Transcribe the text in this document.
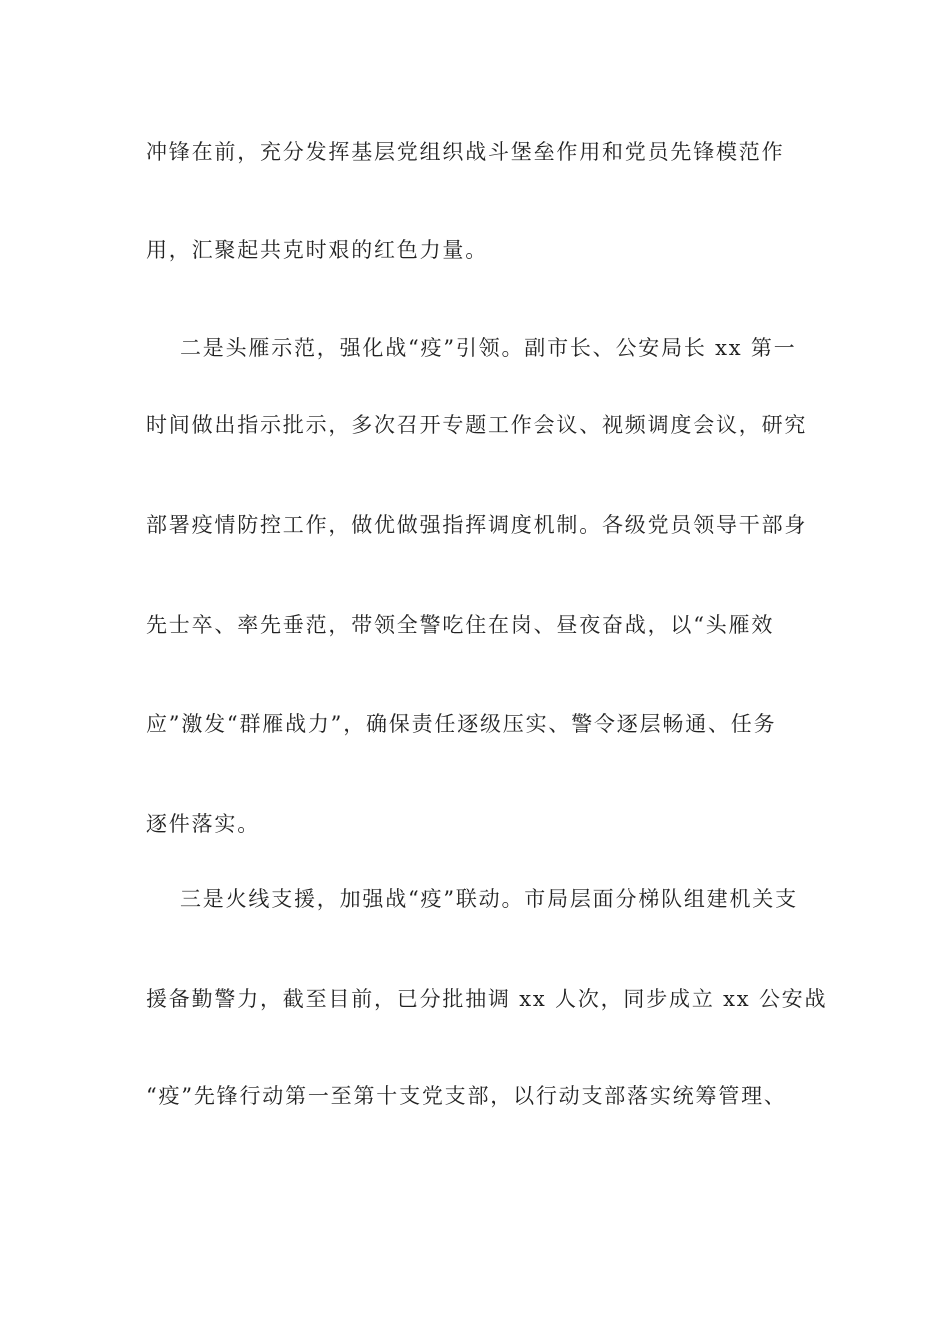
冲锋在前，充分发挥基层党组织战斗堡垒作用和党员先锋模范作
用，汇聚起共克时艰的红色力量。
二是头雁示范，强化战“疫”引领。副市长、公安局长 xx 第一
时间做出指示批示，多次召开专题工作会议、视频调度会议，研究
部署疫情防控工作，做优做强指挥调度机制。各级党员领导干部身
先士卒、率先垂范，带领全警吃住在岗、昼夜奋战，以“头雁效
应”激发“群雁战力”，确保责任逐级压实、警令逐层畅通、任务
逐件落实。
三是火线支援，加强战“疫”联动。市局层面分梯队组建机关支
援备勤警力，截至目前，已分批抽调 xx 人次，同步成立 xx 公安战
“疫”先锋行动第一至第十支党支部，以行动支部落实统筹管理、
